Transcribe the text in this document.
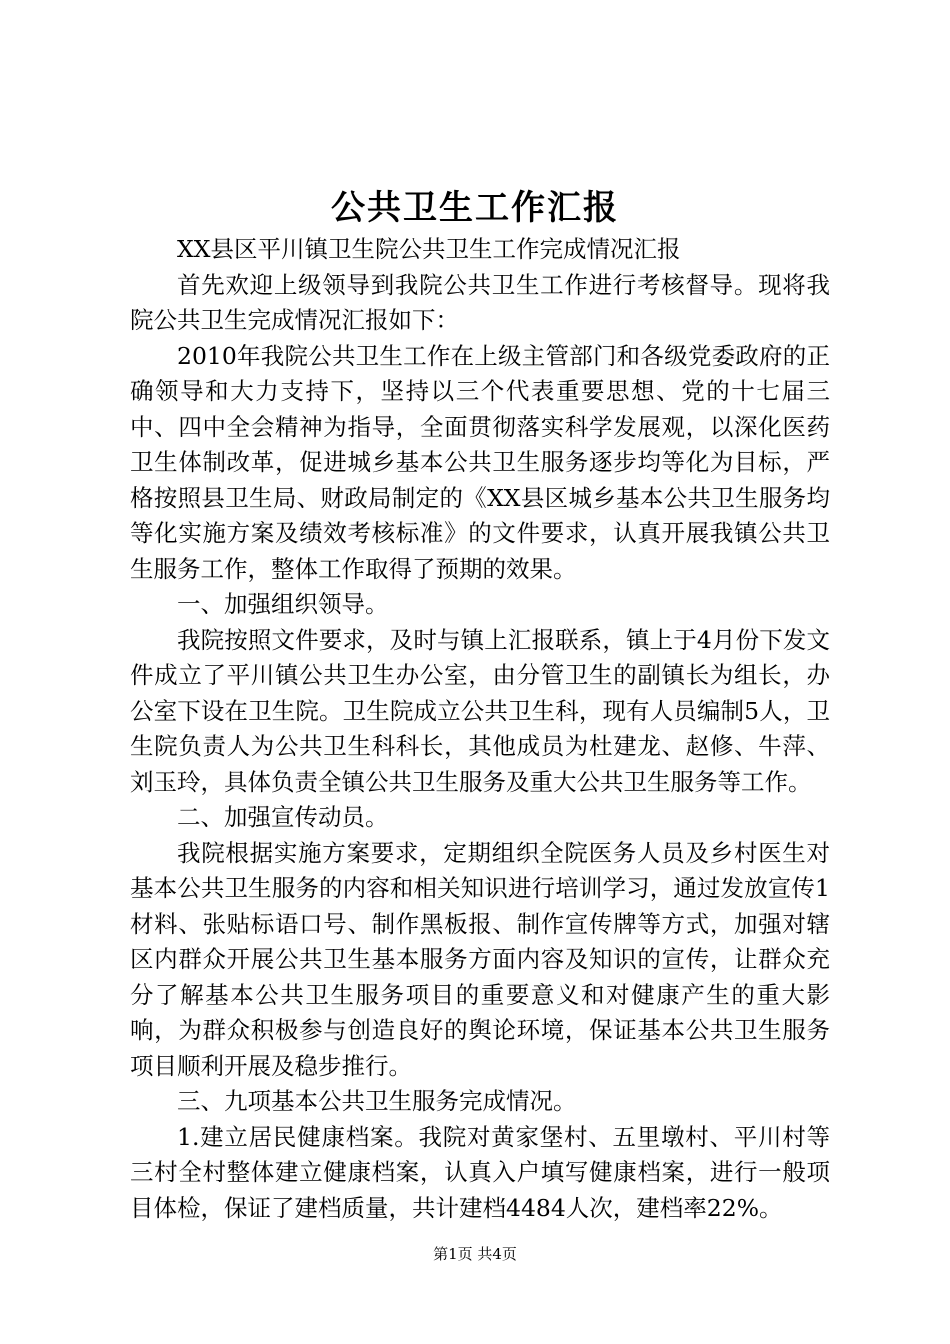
公共卫生工作汇报

XX县区平川镇卫生院公共卫生工作完成情况汇报

首先欢迎上级领导到我院公共卫生工作进行考核督导。现将我院公共卫生完成情况汇报如下：

2010年我院公共卫生工作在上级主管部门和各级党委政府的正确领导和大力支持下，坚持以三个代表重要思想、党的十七届三中、四中全会精神为指导，全面贯彻落实科学发展观，以深化医药卫生体制改革，促进城乡基本公共卫生服务逐步均等化为目标，严格按照县卫生局、财政局制定的《XX县区城乡基本公共卫生服务均等化实施方案及绩效考核标准》的文件要求，认真开展我镇公共卫生服务工作，整体工作取得了预期的效果。

一、加强组织领导。

我院按照文件要求，及时与镇上汇报联系，镇上于4月份下发文件成立了平川镇公共卫生办公室，由分管卫生的副镇长为组长，办公室下设在卫生院。卫生院成立公共卫生科，现有人员编制5人，卫生院负责人为公共卫生科科长，其他成员为杜建龙、赵修、牛萍、刘玉玲，具体负责全镇公共卫生服务及重大公共卫生服务等工作。

二、加强宣传动员。

我院根据实施方案要求，定期组织全院医务人员及乡村医生对基本公共卫生服务的内容和相关知识进行培训学习，通过发放宣传1材料、张贴标语口号、制作黑板报、制作宣传牌等方式，加强对辖区内群众开展公共卫生基本服务方面内容及知识的宣传，让群众充分了解基本公共卫生服务项目的重要意义和对健康产生的重大影响，为群众积极参与创造良好的舆论环境，保证基本公共卫生服务项目顺利开展及稳步推行。

三、九项基本公共卫生服务完成情况。

1.建立居民健康档案。我院对黄家堡村、五里墩村、平川村等三村全村整体建立健康档案，认真入户填写健康档案，进行一般项目体检，保证了建档质量，共计建档4484人次，建档率22%。

第1页 共4页
